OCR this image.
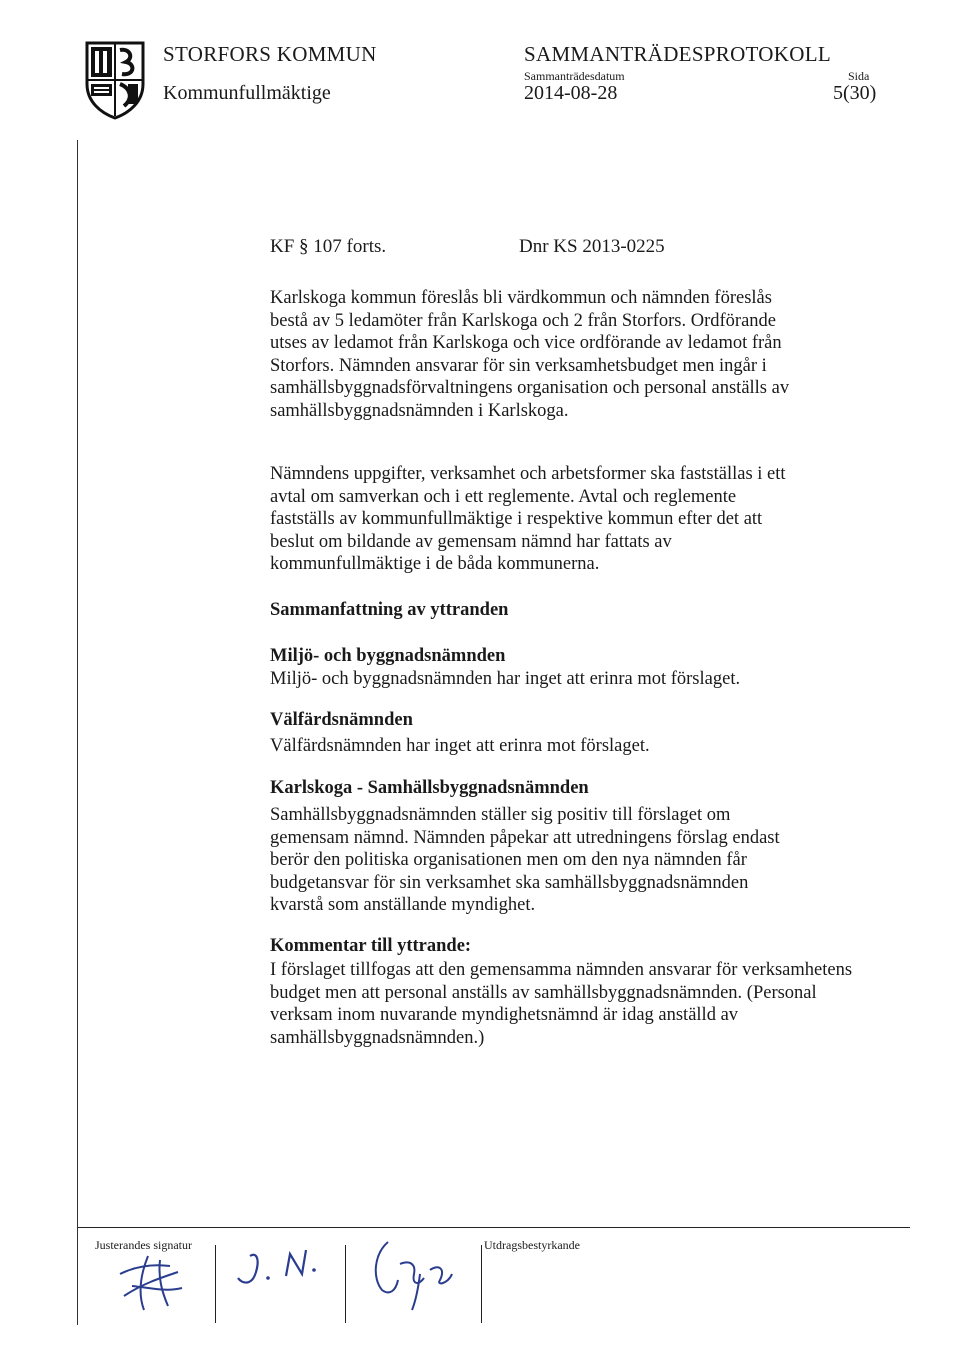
STORFORS KOMMUN
Kommunfullmäktige
SAMMANTRÄDESPROTOKOLL
Sammanträdesdatum
2014-08-28
Sida
5(30)
KF § 107 forts.	Dnr KS 2013-0225
Karlskoga kommun föreslås bli värdkommun och nämnden föreslås
bestå av 5 ledamöter från Karlskoga och 2 från Storfors. Ordförande
utses av ledamot från Karlskoga och vice ordförande av ledamot från
Storfors. Nämnden ansvarar för sin verksamhetsbudget men ingår i
samhällsbyggnadsförvaltningens organisation och personal anställs av
samhällsbyggnadsnämnden i Karlskoga.
Nämndens uppgifter, verksamhet och arbetsformer ska fastställas i ett
avtal om samverkan och i ett reglemente. Avtal och reglemente
fastställs av kommunfullmäktige i respektive kommun efter det att
beslut om bildande av gemensam nämnd har fattats av
kommunfullmäktige i de båda kommunerna.
Sammanfattning av yttranden
Miljö- och byggnadsnämnden
Miljö- och byggnadsnämnden har inget att erinra mot förslaget.
Välfärdsnämnden
Välfärdsnämnden har inget att erinra mot förslaget.
Karlskoga - Samhällsbyggnadsnämnden
Samhällsbyggnadsnämnden ställer sig positiv till förslaget om
gemensam nämnd. Nämnden påpekar att utredningens förslag endast
berör den politiska organisationen men om den nya nämnden får
budgetansvar för sin verksamhet ska samhällsbyggnadsnämnden
kvarstå som anställande myndighet.
Kommentar till yttrande:
I förslaget tillfogas att den gemensamma nämnden ansvarar för verksamhetens
budget men att personal anställs av samhällsbyggnadsnämnden. (Personal
verksam inom nuvarande myndighetsnämnd är idag anställd av
samhällsbyggnadsnämnden.)
Justerandes signatur	Utdragsbestyrkande
